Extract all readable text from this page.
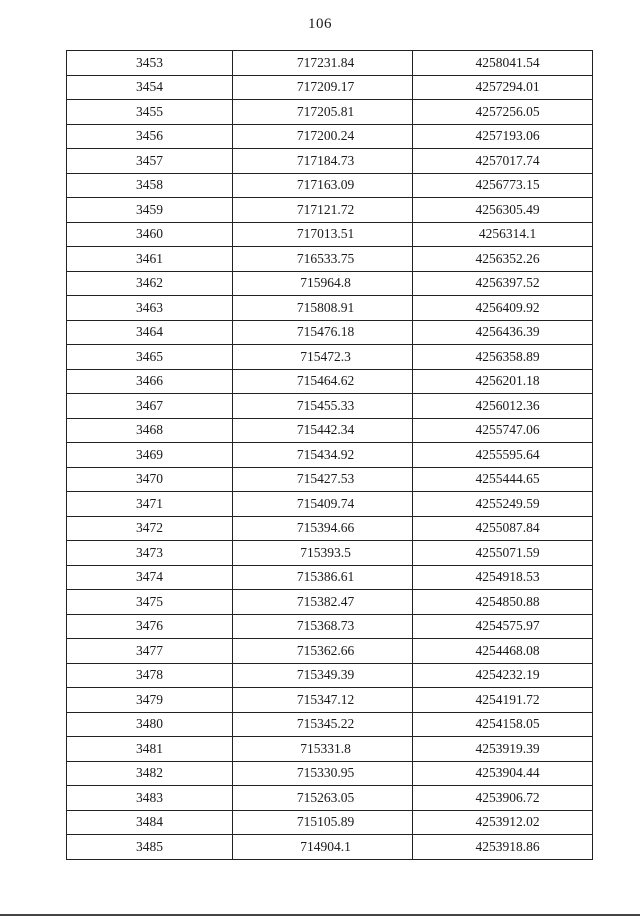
106
3453	717231.84	4258041.54
3454	717209.17	4257294.01
3455	717205.81	4257256.05
3456	717200.24	4257193.06
3457	717184.73	4257017.74
3458	717163.09	4256773.15
3459	717121.72	4256305.49
3460	717013.51	4256314.1
3461	716533.75	4256352.26
3462	715964.8	4256397.52
3463	715808.91	4256409.92
3464	715476.18	4256436.39
3465	715472.3	4256358.89
3466	715464.62	4256201.18
3467	715455.33	4256012.36
3468	715442.34	4255747.06
3469	715434.92	4255595.64
3470	715427.53	4255444.65
3471	715409.74	4255249.59
3472	715394.66	4255087.84
3473	715393.5	4255071.59
3474	715386.61	4254918.53
3475	715382.47	4254850.88
3476	715368.73	4254575.97
3477	715362.66	4254468.08
3478	715349.39	4254232.19
3479	715347.12	4254191.72
3480	715345.22	4254158.05
3481	715331.8	4253919.39
3482	715330.95	4253904.44
3483	715263.05	4253906.72
3484	715105.89	4253912.02
3485	714904.1	4253918.86
